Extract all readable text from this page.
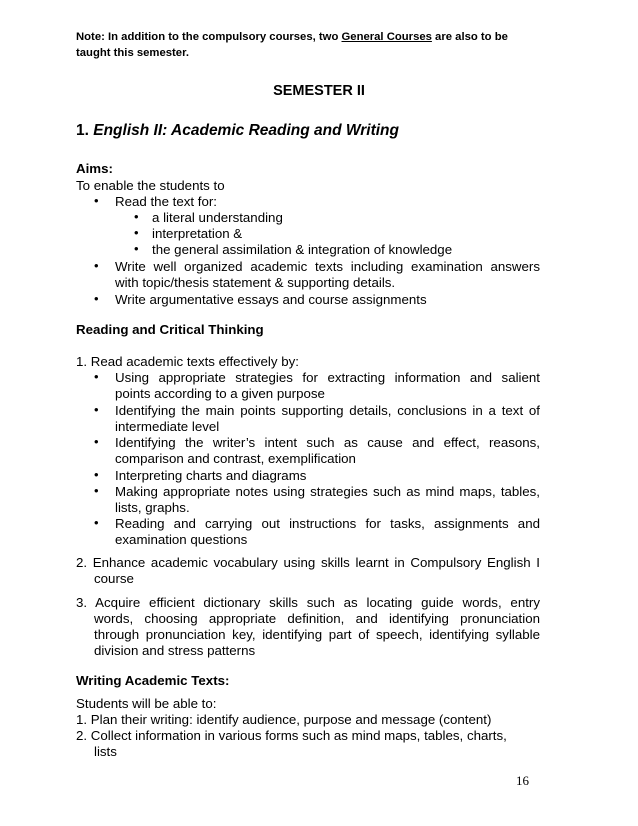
Note: In addition to the compulsory courses, two General Courses are also to be
taught this semester.
SEMESTER II
1. English II: Academic Reading and Writing
Aims:
To enable the students to
• Read the text for:
• a literal understanding
• interpretation &
• the general assimilation & integration of knowledge
• Write well organized academic texts including examination answers
with topic/thesis statement & supporting details.
• Write argumentative essays and course assignments
Reading and Critical Thinking
1. Read academic texts effectively by:
• Using appropriate strategies for extracting information and salient
points according to a given purpose
• Identifying the main points supporting details, conclusions in a text of
intermediate level
• Identifying the writer’s intent such as cause and effect, reasons,
comparison and contrast, exemplification
• Interpreting charts and diagrams
• Making appropriate notes using strategies such as mind maps, tables,
lists, graphs.
• Reading and carrying out instructions for tasks, assignments and
examination questions
2. Enhance academic vocabulary using skills learnt in Compulsory English I
course
3. Acquire efficient dictionary skills such as locating guide words, entry
words, choosing appropriate definition, and identifying pronunciation
through pronunciation key, identifying part of speech, identifying syllable
division and stress patterns
Writing Academic Texts:
Students will be able to:
1. Plan their writing: identify audience, purpose and message (content)
2. Collect information in various forms such as mind maps, tables, charts,
lists
16
